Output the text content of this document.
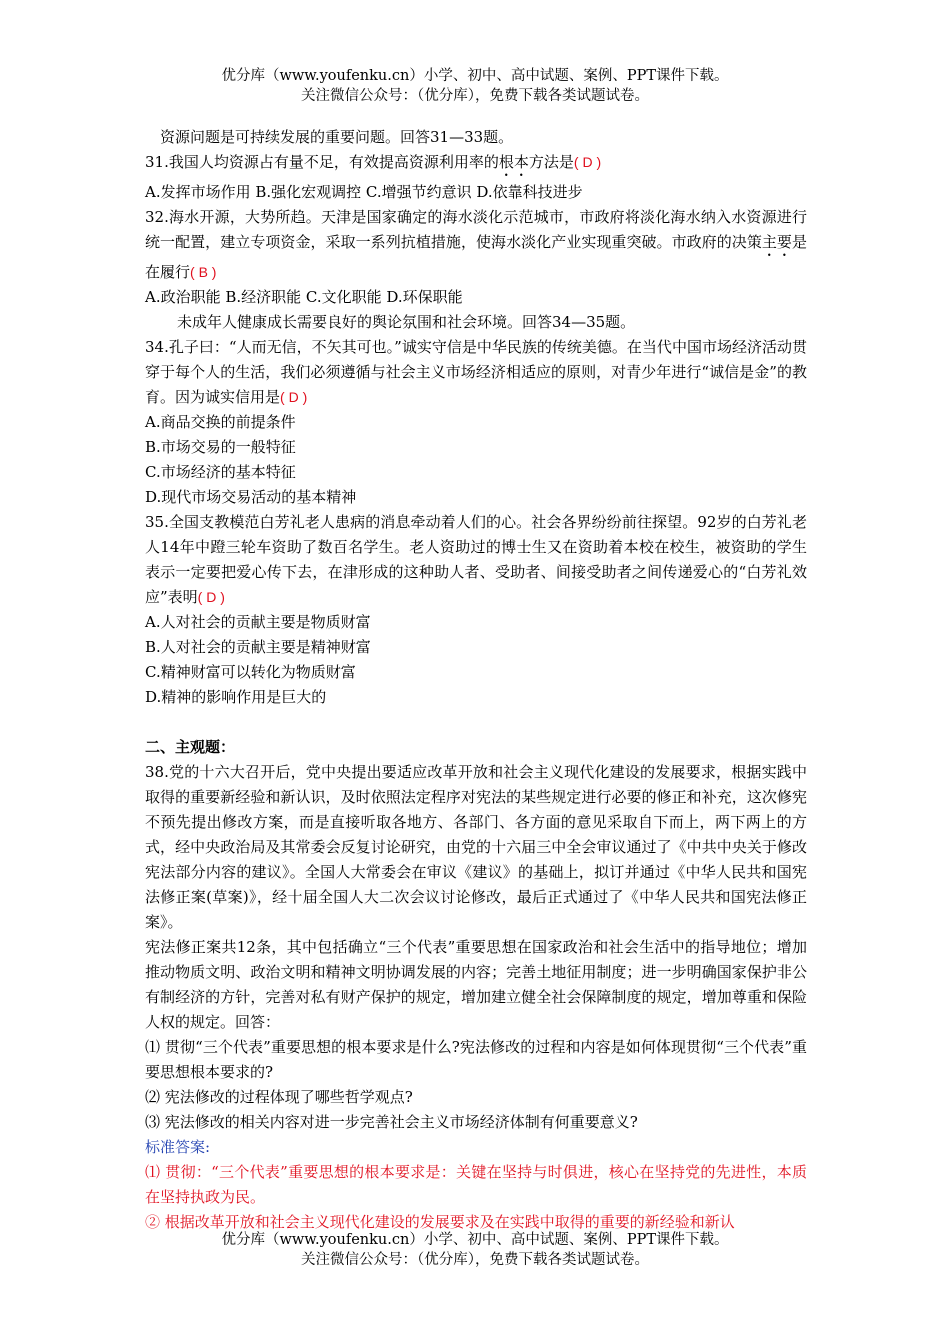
优分库（www.youfenku.cn）小学、初中、高中试题、案例、PPT课件下载。
关注微信公众号：（优分库），免费下载各类试题试卷。

资源问题是可持续发展的重要问题。回答31—33题。

31.我国人均资源占有量不足，有效提高资源利用率的根本方法是( D )

A.发挥市场作用 B.强化宏观调控 C.增强节约意识 D.依靠科技进步

32.海水开源，大势所趋。天津是国家确定的海水淡化示范城市，市政府将淡化海水纳入水资源进行统一配置，建立专项资金，采取一系列抗植措施，使海水淡化产业实现重突破。市政府的决策主要是在履行( B )

A.政治职能 B.经济职能 C.文化职能 D.环保职能

未成年人健康成长需要良好的舆论氛围和社会环境。回答34—35题。

34.孔子曰：“人而无信，不矢其可也。”诚实守信是中华民族的传统美德。在当代中国市场经济活动贯穿于每个人的生活，我们必须遵循与社会主义市场经济相适应的原则，对青少年进行“诚信是金”的教育。因为诚实信用是( D )

A.商品交换的前提条件

B.市场交易的一般特征

C.市场经济的基本特征

D.现代市场交易活动的基本精神

35.全国支教模范白芳礼老人患病的消息牵动着人们的心。社会各界纷纷前往探望。92岁的白芳礼老人14年中蹬三轮车资助了数百名学生。老人资助过的博士生又在资助着本校在校生，被资助的学生表示一定要把爱心传下去，在津形成的这种助人者、受助者、间接受助者之间传递爱心的“白芳礼效应”表明( D )

A.人对社会的贡献主要是物质财富

B.人对社会的贡献主要是精神财富

C.精神财富可以转化为物质财富

D.精神的影响作用是巨大的

二、主观题：

38.党的十六大召开后，党中央提出要适应改革开放和社会主义现代化建设的发展要求，根据实践中取得的重要新经验和新认识，及时依照法定程序对宪法的某些规定进行必要的修正和补充，这次修宪不预先提出修改方案，而是直接听取各地方、各部门、各方面的意见采取自下而上，两下两上的方式，经中央政治局及其常委会反复讨论研究，由党的十六届三中全会审议通过了《中共中央关于修改宪法部分内容的建议》。全国人大常委会在审议《建议》的基础上，拟订并通过《中华人民共和国宪法修正案(草案)》，经十届全国人大二次会议讨论修改，最后正式通过了《中华人民共和国宪法修正案》。

宪法修正案共12条，其中包括确立“三个代表”重要思想在国家政治和社会生活中的指导地位；增加推动物质文明、政治文明和精神文明协调发展的内容；完善土地征用制度；进一步明确国家保护非公有制经济的方针，完善对私有财产保护的规定，增加建立健全社会保障制度的规定，增加尊重和保险人权的规定。回答：

⑴ 贯彻“三个代表”重要思想的根本要求是什么?宪法修改的过程和内容是如何体现贯彻“三个代表”重要思想根本要求的?

⑵ 宪法修改的过程体现了哪些哲学观点?

⑶ 宪法修改的相关内容对进一步完善社会主义市场经济体制有何重要意义?

标准答案:

⑴ 贯彻：“三个代表”重要思想的根本要求是：关键在坚持与时俱进，核心在坚持党的先进性，本质在坚持执政为民。

② 根据改革开放和社会主义现代化建设的发展要求及在实践中取得的重要的新经验和新认

优分库（www.youfenku.cn）小学、初中、高中试题、案例、PPT课件下载。
关注微信公众号：（优分库），免费下载各类试题试卷。
